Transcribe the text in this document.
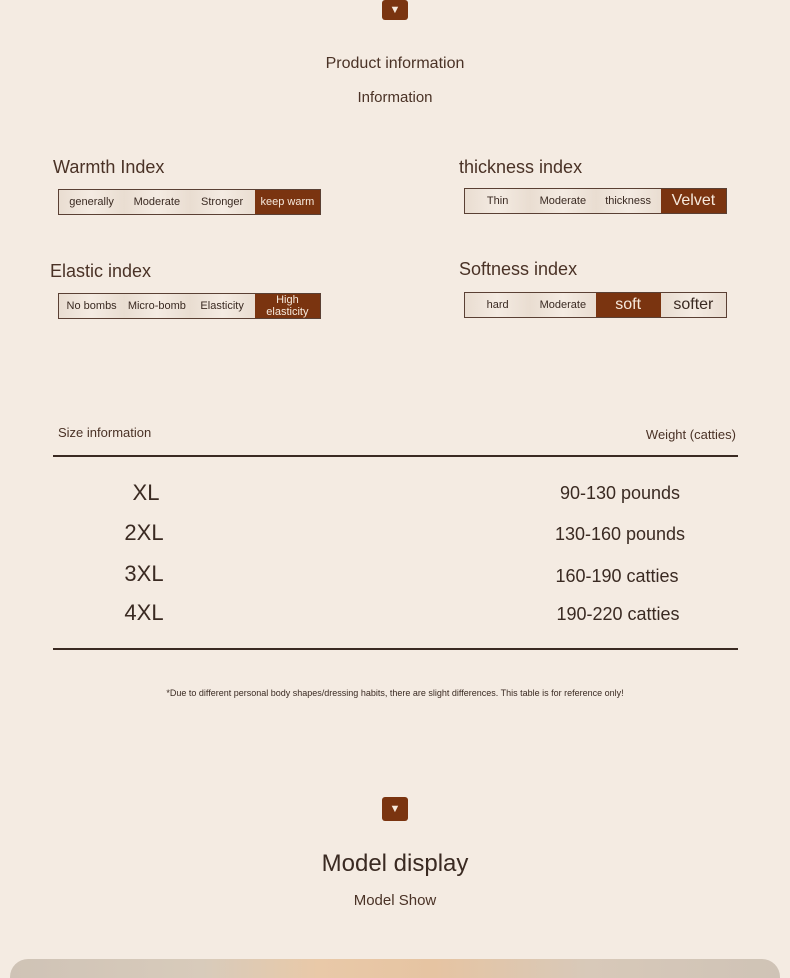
▼
Product information
Information
Warmth Index
generally	Moderate	Stronger	keep warm
thickness index
Thin	Moderate	thickness	Velvet
Elastic index
No bombs	Micro-bomb	Elasticity	High elasticity
Softness index
hard	Moderate	soft	softer
Size information	Weight (catties)
XL	90-130 pounds
2XL	130-160 pounds
3XL	160-190 catties
4XL	190-220 catties
*Due to different personal body shapes/dressing habits, there are slight differences. This table is for reference only!
▼
Model display
Model Show
